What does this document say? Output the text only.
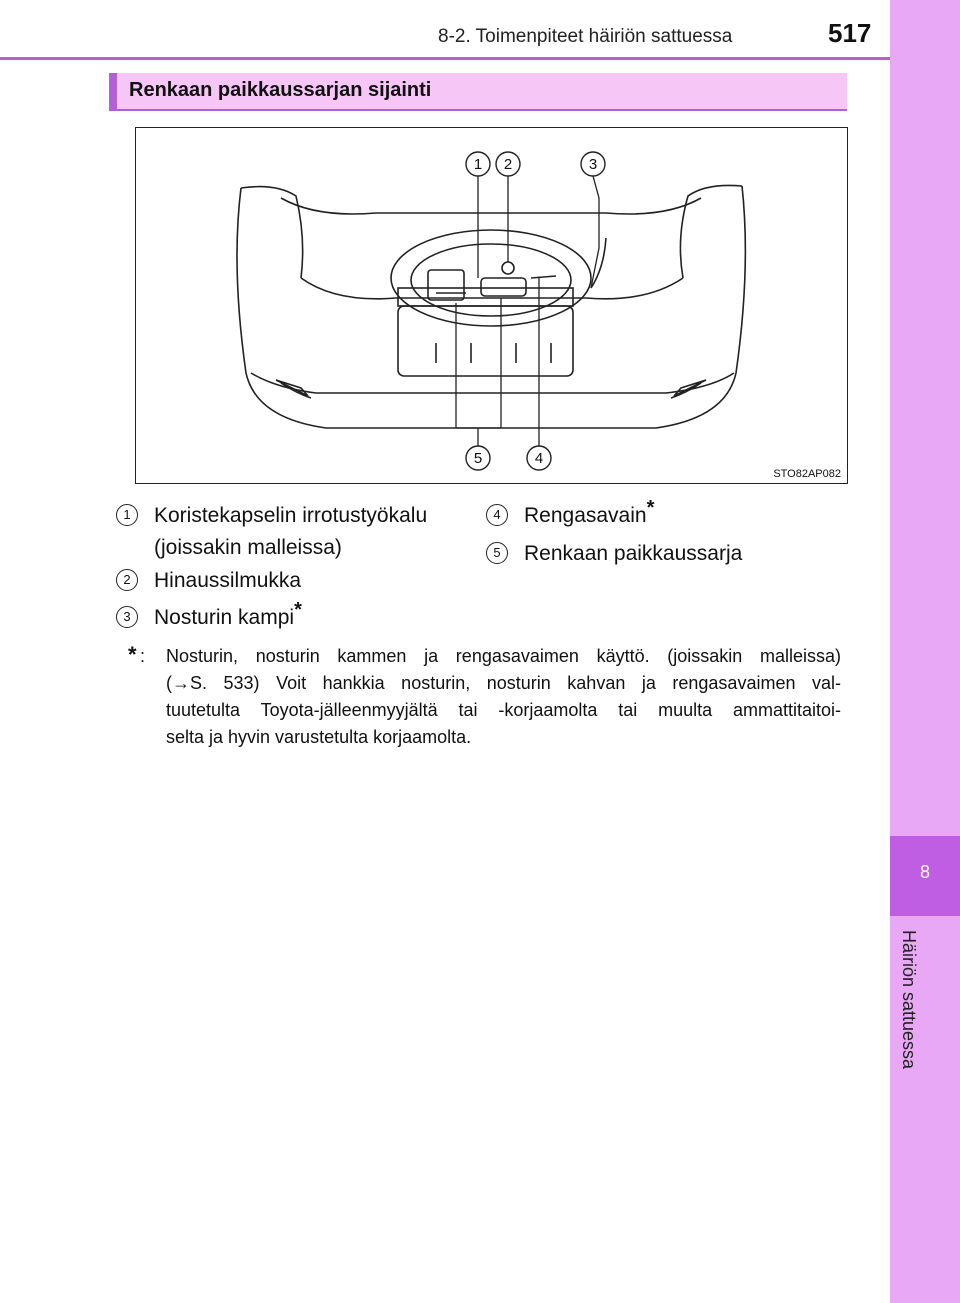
8-2. Toimenpiteet häiriön sattuessa	517
8
Häiriön sattuessa
Renkaan paikkaussarjan sijainti
1 2	3
4
5
STO82AP082
1	Koristekapselin irrotustyökalu
(joissakin malleissa)
2	Hinaussilmukka
3	Nosturin kampi*
4	Rengasavain*
5	Renkaan paikkaussarja
* : Nosturin, nosturin kammen ja rengasavaimen käyttö. (joissakin malleissa)
(→S. 533) Voit hankkia nosturin, nosturin kahvan ja rengasavaimen val-
tuutetulta Toyota-jälleenmyyjältä tai -korjaamolta tai muulta ammattitaitoi-
selta ja hyvin varustetulta korjaamolta.
